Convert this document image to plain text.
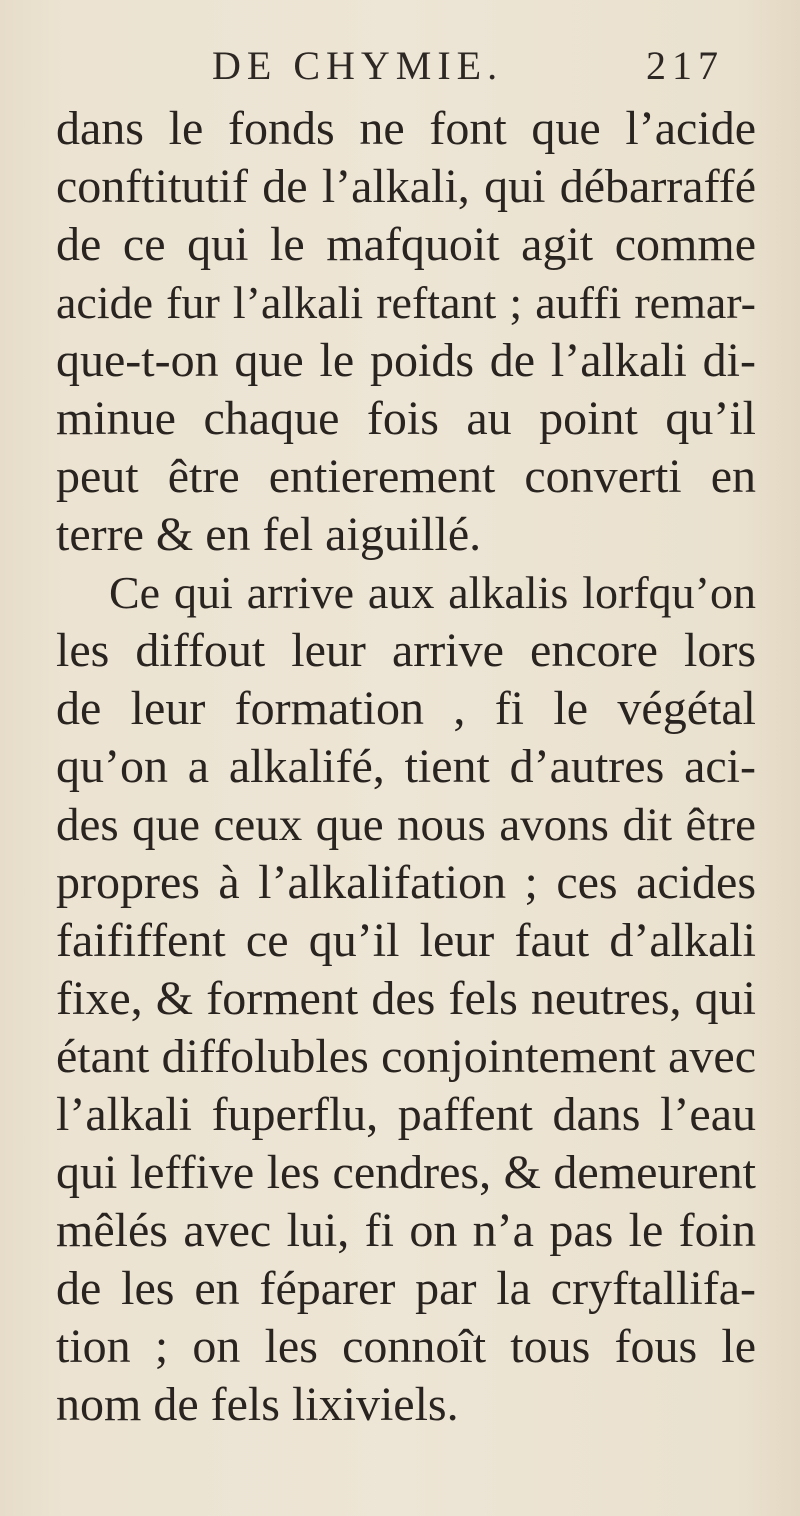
DE CHYMIE.	217
dans le fonds ne font que l’acide
conftitutif de l’alkali, qui débarraffé
de ce qui le mafquoit agit comme
acide fur l’alkali reftant ; auffi remar-
que-t-on que le poids de l’alkali di-
minue chaque fois au point qu’il
peut être entierement converti en
terre & en fel aiguillé.
Ce qui arrive aux alkalis lorfqu’on
les diffout leur arrive encore lors
de leur formation , fi le végétal
qu’on a alkalifé, tient d’autres aci-
des que ceux que nous avons dit être
propres à l’alkalifation ; ces acides
faififfent ce qu’il leur faut d’alkali
fixe, & forment des fels neutres, qui
étant diffolubles conjointement avec
l’alkali fuperflu, paffent dans l’eau
qui leffive les cendres, & demeurent
mêlés avec lui, fi on n’a pas le foin
de les en féparer par la cryftallifa-
tion ; on les connoît tous fous le
nom de fels lixiviels.
